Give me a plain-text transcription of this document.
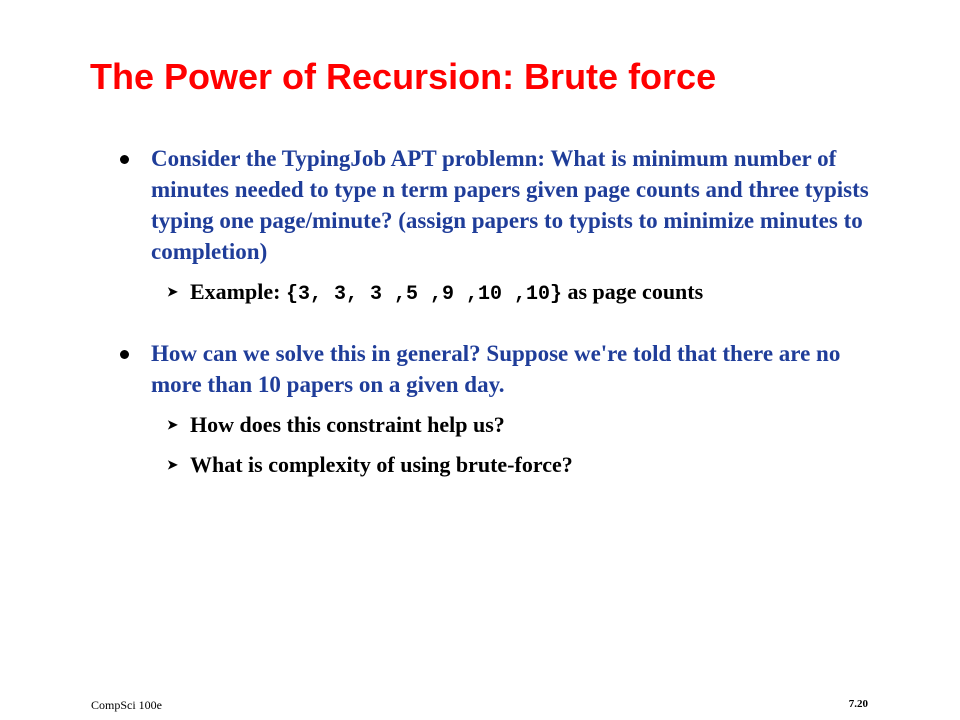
The Power of Recursion: Brute force
Consider the TypingJob APT problemn: What is minimum number of minutes needed to type n term papers given page counts and three typists typing one page/minute? (assign papers to typists to minimize minutes to completion)
➤ Example: {3, 3, 3 ,5 ,9 ,10 ,10} as page counts
How can we solve this in general? Suppose we're told that there are no more than 10 papers on a given day.
➤ How does this constraint help us?
➤ What is complexity of using brute-force?
CompSci 100e	7.20
